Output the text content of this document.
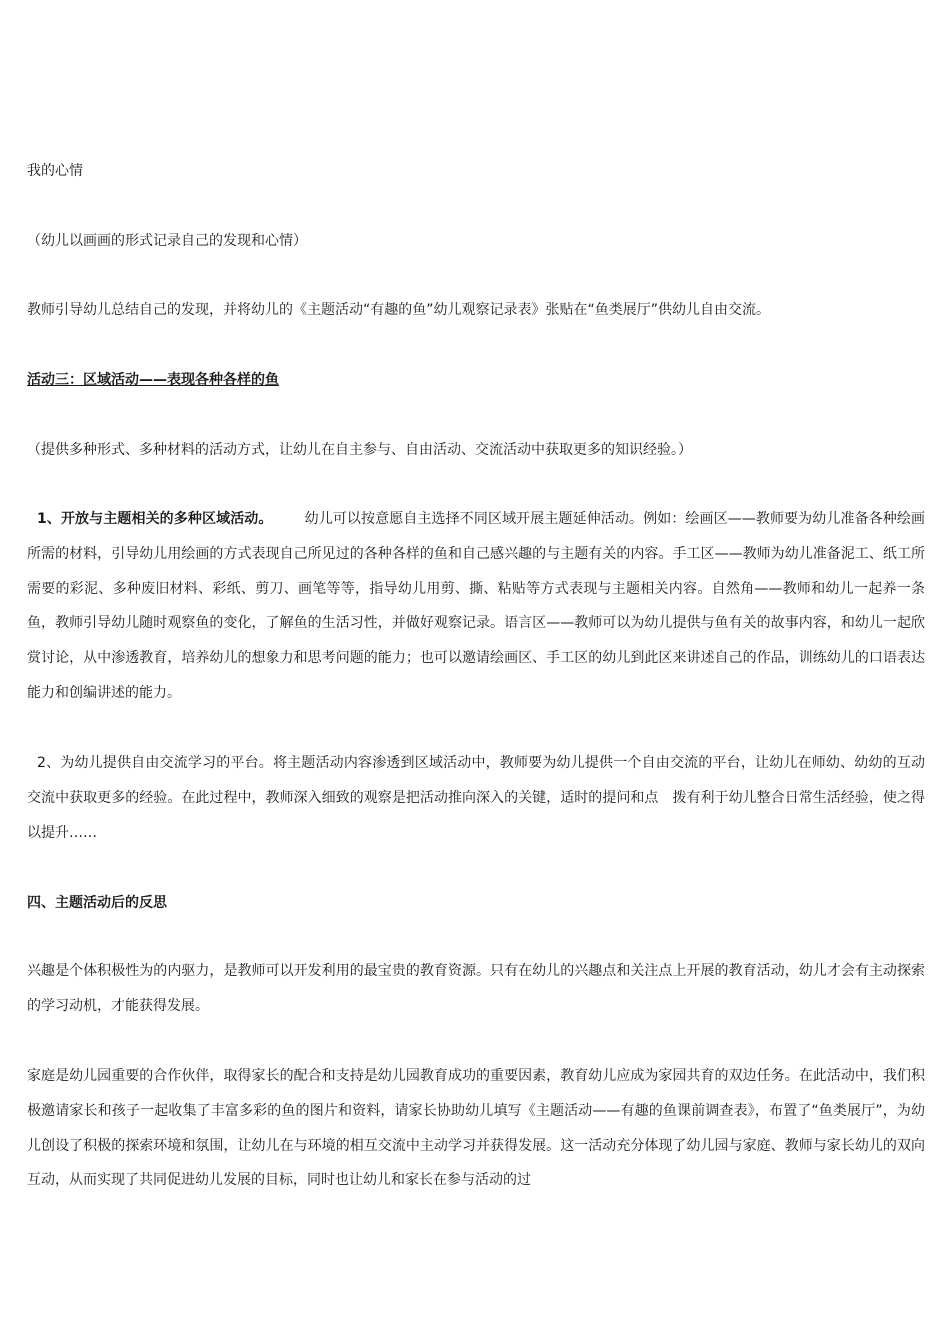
我的心情
（幼儿以画画的形式记录自己的发现和心情）
教师引导幼儿总结自己的发现，并将幼儿的《主题活动“有趣的鱼”幼儿观察记录表》张贴在“鱼类展厅”供幼儿自由交流。
活动三：区域活动——表现各种各样的鱼
（提供多种形式、多种材料的活动方式，让幼儿在自主参与、自由活动、交流活动中获取更多的知识经验。）
1、开放与主题相关的多种区域活动。 幼儿可以按意愿自主选择不同区域开展主题延伸活动。例如：绘画区——教师要为幼儿准备各种绘画所需的材料，引导幼儿用绘画的方式表现自己所见过的各种各样的鱼和自己感兴趣的与主题有关的内容。手工区——教师为幼儿准备泥工、纸工所需要的彩泥、多种废旧材料、彩纸、剪刀、画笔等等，指导幼儿用剪、撕、粘贴等方式表现与主题相关内容。自然角——教师和幼儿一起养一条鱼，教师引导幼儿随时观察鱼的变化，了解鱼的生活习性，并做好观察记录。语言区——教师可以为幼儿提供与鱼有关的故事内容，和幼儿一起欣赏讨论，从中渗透教育，培养幼儿的想象力和思考问题的能力；也可以邀请绘画区、手工区的幼儿到此区来讲述自己的作品，训练幼儿的口语表达能力和创编讲述的能力。
2、为幼儿提供自由交流学习的平台。将主题活动内容渗透到区域活动中，教师要为幼儿提供一个自由交流的平台，让幼儿在师幼、幼幼的互动交流中获取更多的经验。在此过程中，教师深入细致的观察是把活动推向深入的关键，适时的提问和点　拨有利于幼儿整合日常生活经验，使之得以提升……
四、主题活动后的反思
兴趣是个体积极性为的内驱力，是教师可以开发利用的最宝贵的教育资源。只有在幼儿的兴趣点和关注点上开展的教育活动，幼儿才会有主动探索的学习动机，才能获得发展。
家庭是幼儿园重要的合作伙伴，取得家长的配合和支持是幼儿园教育成功的重要因素，教育幼儿应成为家园共育的双边任务。在此活动中，我们积极邀请家长和孩子一起收集了丰富多彩的鱼的图片和资料，请家长协助幼儿填写《主题活动——有趣的鱼课前调查表》，布置了“鱼类展厅”，为幼儿创设了积极的探索环境和氛围，让幼儿在与环境的相互交流中主动学习并获得发展。这一活动充分体现了幼儿园与家庭、教师与家长幼儿的双向互动，从而实现了共同促进幼儿发展的目标，同时也让幼儿和家长在参与活动的过
